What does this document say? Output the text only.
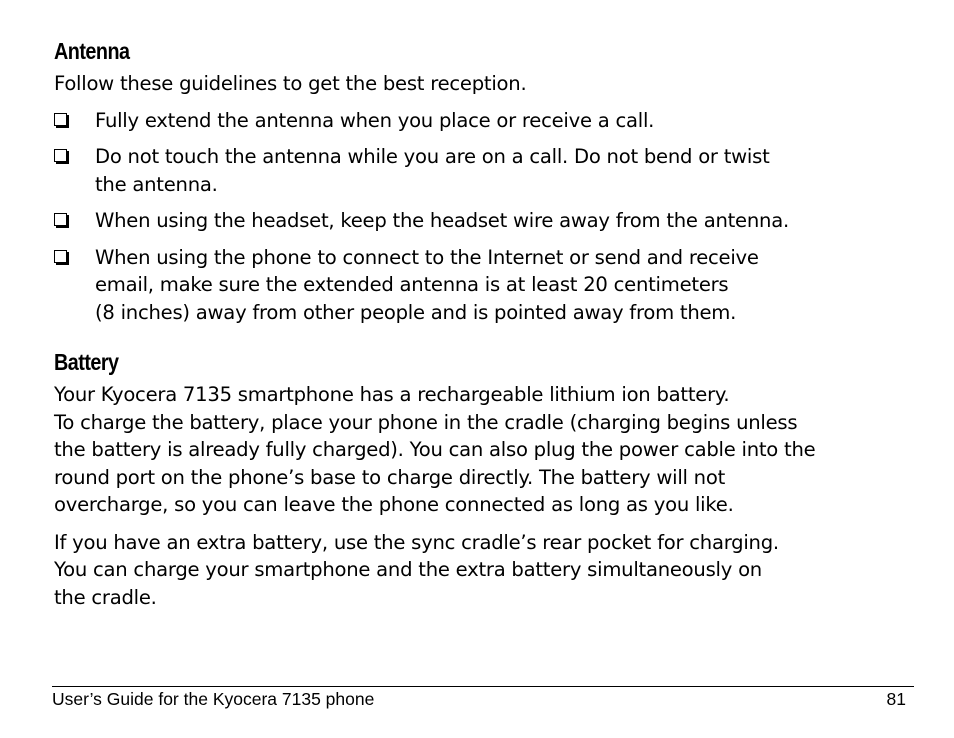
Antenna

Follow these guidelines to get the best reception.

Fully extend the antenna when you place or receive a call.
Do not touch the antenna while you are on a call. Do not bend or twist
the antenna.
When using the headset, keep the headset wire away from the antenna.
When using the phone to connect to the Internet or send and receive
email, make sure the extended antenna is at least 20 centimeters
(8 inches) away from other people and is pointed away from them.
Battery

Your Kyocera 7135 smartphone has a rechargeable lithium ion battery.
To charge the battery, place your phone in the cradle (charging begins unless
the battery is already fully charged). You can also plug the power cable into the
round port on the phone’s base to charge directly. The battery will not
overcharge, so you can leave the phone connected as long as you like.

If you have an extra battery, use the sync cradle’s rear pocket for charging.
You can charge your smartphone and the extra battery simultaneously on
the cradle.

User’s Guide for the Kyocera 7135 phone	81
